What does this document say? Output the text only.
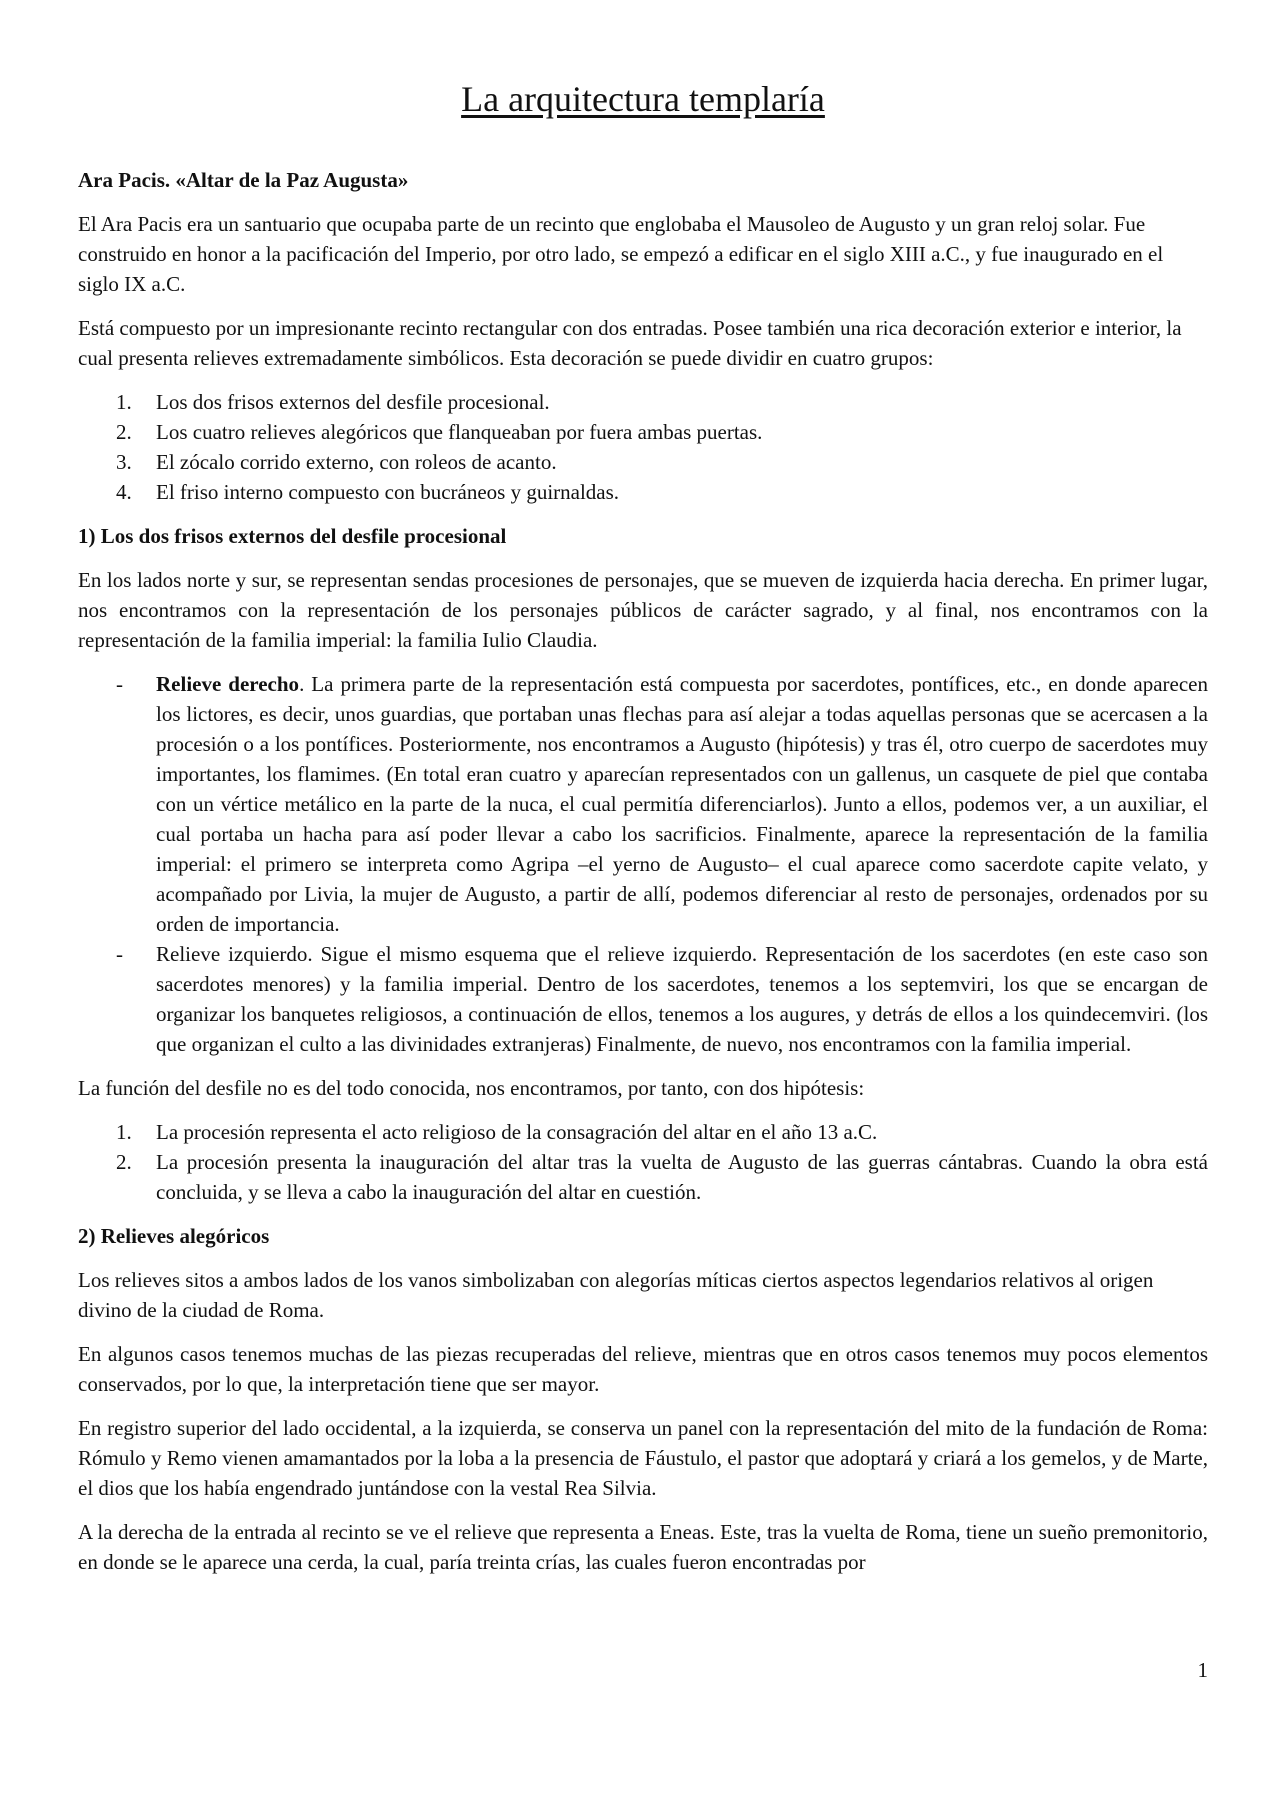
La arquitectura templaría
Ara Pacis. «Altar de la Paz Augusta»

El Ara Pacis era un santuario que ocupaba parte de un recinto que englobaba el Mausoleo de Augusto y un gran reloj solar. Fue construido en honor a la pacificación del Imperio, por otro lado, se empezó a edificar en el siglo XIII a.C., y fue inaugurado en el siglo IX a.C.

Está compuesto por un impresionante recinto rectangular con dos entradas. Posee también una rica decoración exterior e interior, la cual presenta relieves extremadamente simbólicos. Esta decoración se puede dividir en cuatro grupos:

1. Los dos frisos externos del desfile procesional.
2. Los cuatro relieves alegóricos que flanqueaban por fuera ambas puertas.
3. El zócalo corrido externo, con roleos de acanto.
4. El friso interno compuesto con bucráneos y guirnaldas.
1) Los dos frisos externos del desfile procesional

En los lados norte y sur, se representan sendas procesiones de personajes, que se mueven de izquierda hacia derecha. En primer lugar, nos encontramos con la representación de los personajes públicos de carácter sagrado, y al final, nos encontramos con la representación de la familia imperial: la familia Iulio Claudia.

- Relieve derecho. La primera parte de la representación está compuesta por sacerdotes, pontífices, etc., en donde aparecen los lictores, es decir, unos guardias, que portaban unas flechas para así alejar a todas aquellas personas que se acercasen a la procesión o a los pontífices. Posteriormente, nos encontramos a Augusto (hipótesis) y tras él, otro cuerpo de sacerdotes muy importantes, los flamimes. (En total eran cuatro y aparecían representados con un gallenus, un casquete de piel que contaba con un vértice metálico en la parte de la nuca, el cual permitía diferenciarlos). Junto a ellos, podemos ver, a un auxiliar, el cual portaba un hacha para así poder llevar a cabo los sacrificios. Finalmente, aparece la representación de la familia imperial: el primero se interpreta como Agripa –el yerno de Augusto– el cual aparece como sacerdote capite velato, y acompañado por Livia, la mujer de Augusto, a partir de allí, podemos diferenciar al resto de personajes, ordenados por su orden de importancia.
- Relieve izquierdo. Sigue el mismo esquema que el relieve izquierdo. Representación de los sacerdotes (en este caso son sacerdotes menores) y la familia imperial. Dentro de los sacerdotes, tenemos a los septemviri, los que se encargan de organizar los banquetes religiosos, a continuación de ellos, tenemos a los augures, y detrás de ellos a los quindecemviri. (los que organizan el culto a las divinidades extranjeras) Finalmente, de nuevo, nos encontramos con la familia imperial.

La función del desfile no es del todo conocida, nos encontramos, por tanto, con dos hipótesis:

1. La procesión representa el acto religioso de la consagración del altar en el año 13 a.C.
2. La procesión presenta la inauguración del altar tras la vuelta de Augusto de las guerras cántabras. Cuando la obra está concluida, y se lleva a cabo la inauguración del altar en cuestión.
2) Relieves alegóricos

Los relieves sitos a ambos lados de los vanos simbolizaban con alegorías míticas ciertos aspectos legendarios relativos al origen divino de la ciudad de Roma.

En algunos casos tenemos muchas de las piezas recuperadas del relieve, mientras que en otros casos tenemos muy pocos elementos conservados, por lo que, la interpretación tiene que ser mayor.

En registro superior del lado occidental, a la izquierda, se conserva un panel con la representación del mito de la fundación de Roma: Rómulo y Remo vienen amamantados por la loba a la presencia de Fáustulo, el pastor que adoptará y criará a los gemelos, y de Marte, el dios que los había engendrado juntándose con la vestal Rea Silvia.

A la derecha de la entrada al recinto se ve el relieve que representa a Eneas. Este, tras la vuelta de Roma, tiene un sueño premonitorio, en donde se le aparece una cerda, la cual, paría treinta crías, las cuales fueron encontradas por

1
